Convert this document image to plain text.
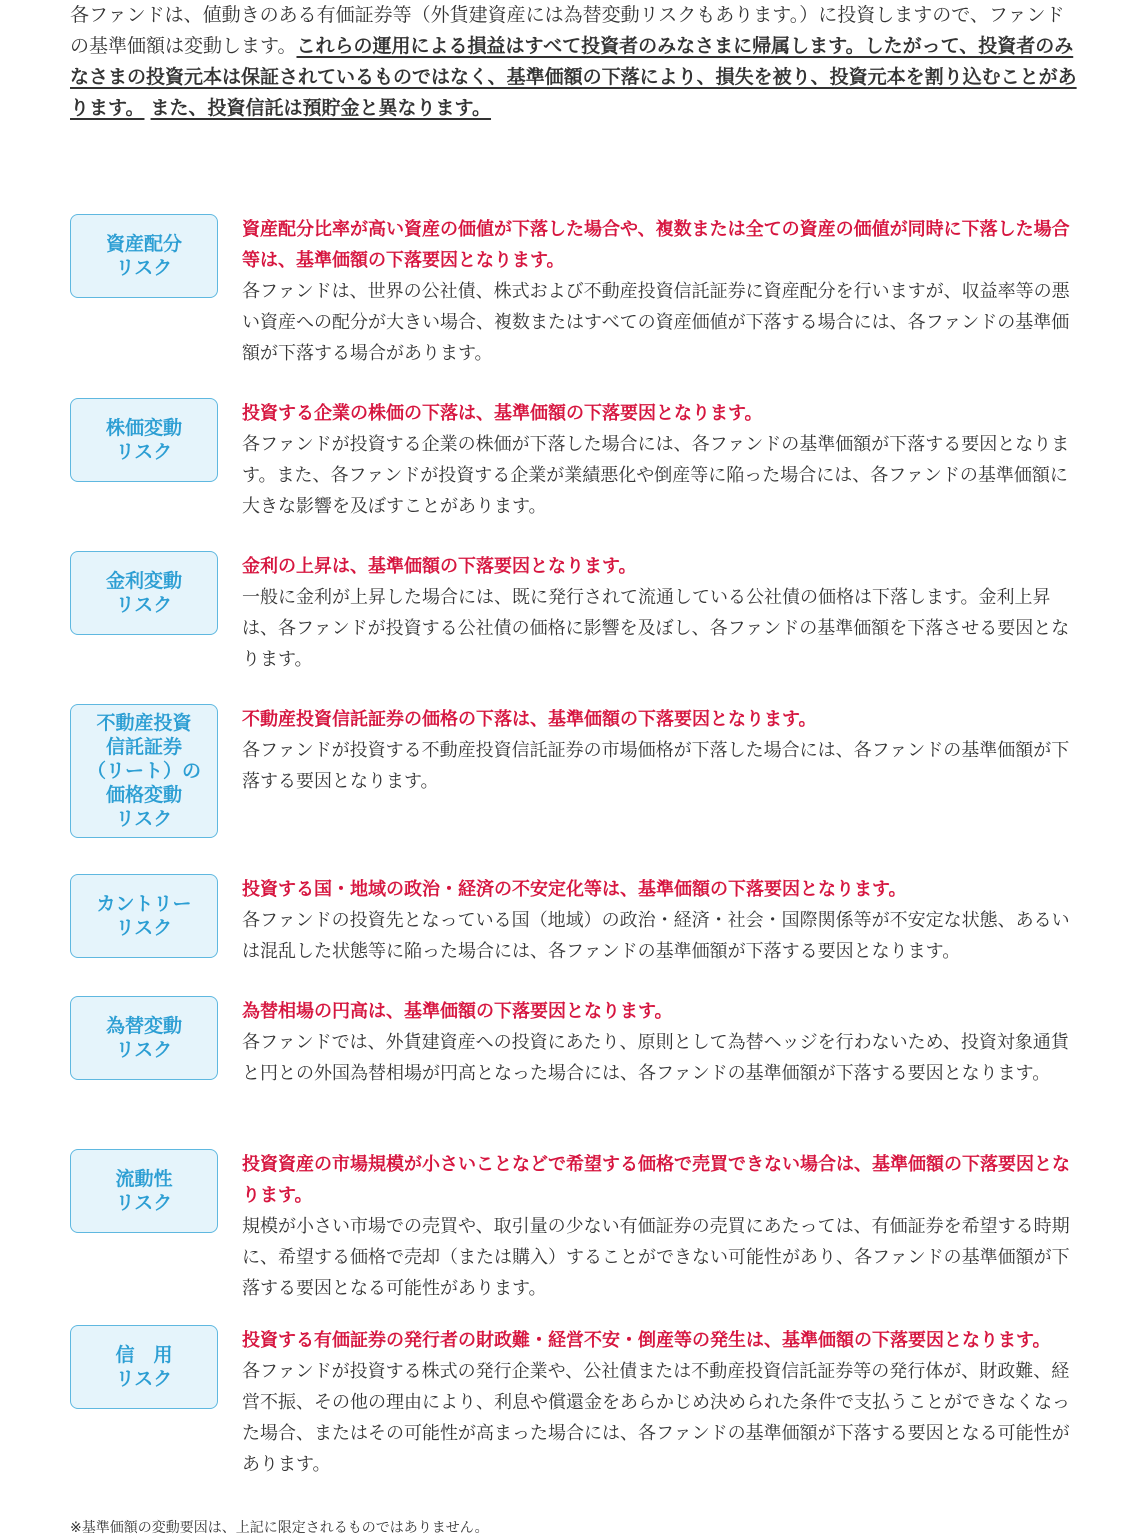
各ファンドは、値動きのある有価証券等（外貨建資産には為替変動リスクもあります。）に投資しますので、ファンドの基準価額は変動します。これらの運用による損益はすべて投資者のみなさまに帰属します。したがって、投資者のみなさまの投資元本は保証されているものではなく、基準価額の下落により、損失を被り、投資元本を割り込むことがあります。 また、投資信託は預貯金と異なります。
資産配分
リスク
資産配分比率が高い資産の価値が下落した場合や、複数または全ての資産の価値が同時に下落した場合等は、基準価額の下落要因となります。
各ファンドは、世界の公社債、株式および不動産投資信託証券に資産配分を行いますが、収益率等の悪い資産への配分が大きい場合、複数またはすべての資産価値が下落する場合には、各ファンドの基準価額が下落する場合があります。
株価変動
リスク
投資する企業の株価の下落は、基準価額の下落要因となります。
各ファンドが投資する企業の株価が下落した場合には、各ファンドの基準価額が下落する要因となります。また、各ファンドが投資する企業が業績悪化や倒産等に陥った場合には、各ファンドの基準価額に大きな影響を及ぼすことがあります。
金利変動
リスク
金利の上昇は、基準価額の下落要因となります。
一般に金利が上昇した場合には、既に発行されて流通している公社債の価格は下落します。金利上昇は、各ファンドが投資する公社債の価格に影響を及ぼし、各ファンドの基準価額を下落させる要因となります。
不動産投資
信託証券
（リート）の
価格変動
リスク
不動産投資信託証券の価格の下落は、基準価額の下落要因となります。
各ファンドが投資する不動産投資信託証券の市場価格が下落した場合には、各ファンドの基準価額が下落する要因となります。
カントリー
リスク
投資する国・地域の政治・経済の不安定化等は、基準価額の下落要因となります。
各ファンドの投資先となっている国（地域）の政治・経済・社会・国際関係等が不安定な状態、あるいは混乱した状態等に陥った場合には、各ファンドの基準価額が下落する要因となります。
為替変動
リスク
為替相場の円高は、基準価額の下落要因となります。
各ファンドでは、外貨建資産への投資にあたり、原則として為替ヘッジを行わないため、投資対象通貨と円との外国為替相場が円高となった場合には、各ファンドの基準価額が下落する要因となります。
流動性
リスク
投資資産の市場規模が小さいことなどで希望する価格で売買できない場合は、基準価額の下落要因となります。
規模が小さい市場での売買や、取引量の少ない有価証券の売買にあたっては、有価証券を希望する時期に、希望する価格で売却（または購入）することができない可能性があり、各ファンドの基準価額が下落する要因となる可能性があります。
信　用
リスク
投資する有価証券の発行者の財政難・経営不安・倒産等の発生は、基準価額の下落要因となります。
各ファンドが投資する株式の発行企業や、公社債または不動産投資信託証券等の発行体が、財政難、経営不振、その他の理由により、利息や償還金をあらかじめ決められた条件で支払うことができなくなった場合、またはその可能性が高まった場合には、各ファンドの基準価額が下落する要因となる可能性があります。
※基準価額の変動要因は、上記に限定されるものではありません。
